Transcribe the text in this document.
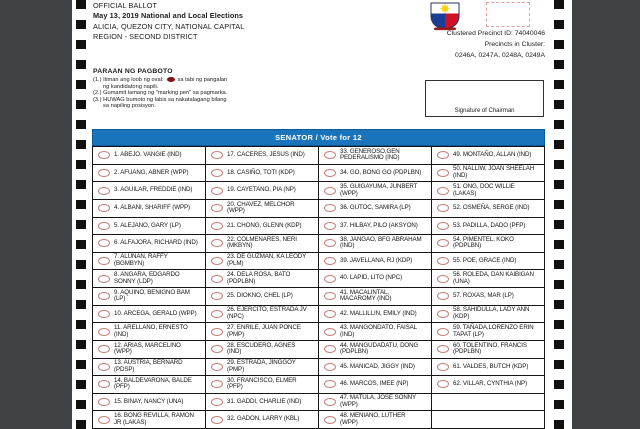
OFFICIAL BALLOT
May 13, 2019 National and Local Elections
ALICIA, QUEZON CITY, NATIONAL CAPITAL
REGION - SECOND DISTRICT	Clustered Precinct ID: 74040046
Precincts in Cluster:
0246A, 0247A, 0248A, 0249A
PARAAN NG PAGBOTO
(1.) Itiman ang loob ng oval: sa tabi ng pangalan
ng kandidatong napili.
(2.) Gumamit lamang ng "marking pen" sa pagmarka.
(3.) HUWAG bumoto ng labis sa nakatalagang bilang
sa napiling posisyon.
Signature of Chairman
SENATOR / Vote for 12
1. ABEJO, VANGIE (IND)
2. AFUANG, ABNER (WPP)
3. AGUILAR, FREDDIE (IND)
4. ALBANI, SHARIFF (WPP)
5. ALEJANO, GARY (LP)
6. ALFAJORA, RICHARD (IND)
7. ALUNAN, RAFFY (BGMBYN)
8. ANGARA, EDGARDO SONNY (LDP)
9. AQUINO, BENIGNO BAM (LP)
10. ARCEGA, GERALD (WPP)
11. ARELLANO, ERNESTO (IND)
12. ARIAS, MARCELINO (WPP)
13. AUSTRIA, BERNARD (PDSP)
14. BALDEVARONA, BALDE (PFP)
15. BINAY, NANCY (UNA)
16. BONG REVILLA, RAMON JR (LAKAS)
17. CACERES, JESUS (IND)
18. CASIÑO, TOTI (KDP)
19. CAYETANO, PIA (NP)
20. CHAVEZ, MELCHOR (WPP)
21. CHONG, GLENN (KDP)
22. COLMENARES, NERI (MKBYN)
23. DE GUZMAN, KA LEODY (PLM)
24. DELA ROSA, BATO (PDPLBN)
25. DIOKNO, CHEL (LP)
26. EJERCITO, ESTRADA JV (NPC)
27. ENRILE, JUAN PONCE (PMP)
28. ESCUDERO, AGNES (IND)
29. ESTRADA, JINGGOY (PMP)
30. FRANCISCO, ELMER (PFP)
31. GADDI, CHARLIE (IND)
32. GADON, LARRY (KBL)
33. GENEROSO,GEN PEDERALISMO (IND)
34. GO, BONG GO (PDPLBN)
35. GUIGAYUMA, JUNBERT (WPP)
36. GUTOC, SAMIRA (LP)
37. HILBAY, PILO (AKSYON)
38. JANGAO, BFG ABRAHAM (IND)
39. JAVELLANA, RJ (KDP)
40. LAPID, LITO (NPC)
41. MACALINTAL, MACAROMY (IND)
42. MALLILLIN, EMILY (IND)
43. MANGONDATO, FAISAL (IND)
44. MANGUDADATU, DONG (PDPLBN)
45. MANICAD, JIGGY (IND)
46. MARCOS, IMEE (NP)
47. MATULA, JOSE SONNY (WPP)
48. MENIANO, LUTHER (WPP)
49. MONTAÑO, ALLAN (IND)
50. NALLIW, JOAN SHEELAH (IND)
51. ONG, DOC WILLIE (LAKAS)
52. OSMEÑA, SERGE (IND)
53. PADILLA, DADO (PFP)
54. PIMENTEL, KOKO (PDPLBN)
55. POE, GRACE (IND)
56. ROLEDA, DAN KAIBIGAN (UNA)
57. ROXAS, MAR (LP)
58. SAHIDULLA, LADY ANN (KDP)
59. TAÑADA,LORENZO ERIN TAPAT (LP)
60. TOLENTINO, FRANCIS (PDPLBN)
61. VALDES, BUTCH (KDP)
62. VILLAR, CYNTHIA (NP)
